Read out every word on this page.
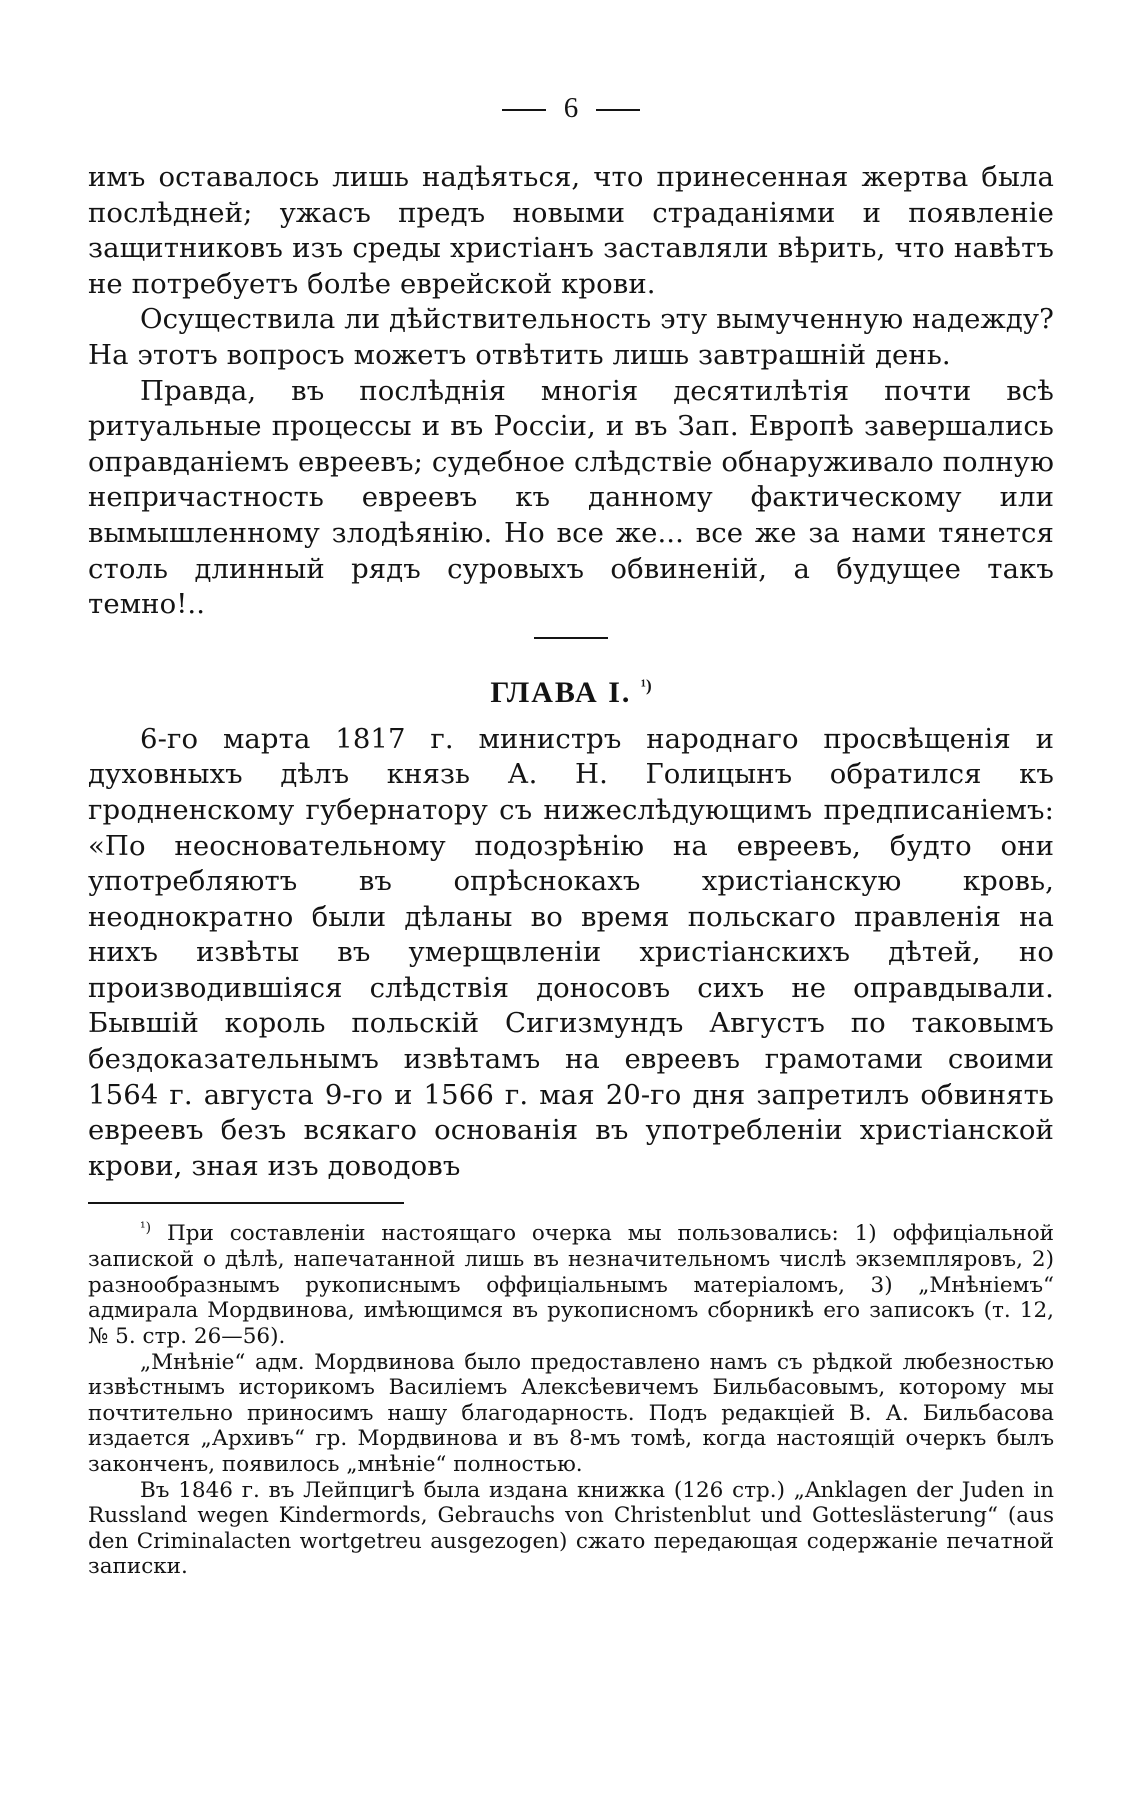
6

имъ оставалось лишь надѣяться, что принесенная жертва была послѣдней; ужасъ предъ новыми страданіями и появленіе защитниковъ изъ среды христіанъ заставляли вѣрить, что навѣтъ не потребуетъ болѣе еврейской крови.

Осуществила ли дѣйствительность эту вымученную надежду? На этотъ вопросъ можетъ отвѣтить лишь завтрашній день.

Правда, въ послѣднія многія десятилѣтія почти всѣ ритуальные процессы и въ Россіи, и въ Зап. Европѣ завершались оправданіемъ евреевъ; судебное слѣдствіе обнаруживало полную непричастность евреевъ къ данному фактическому или вымышленному злодѣянію. Но все же... все же за нами тянется столь длинный рядъ суровыхъ обвиненій, а будущее такъ темно!..

ГЛАВА I. $^{^1)}$

6-го марта 1817 г. министръ народнаго просвѣщенія и духовныхъ дѣлъ князь А. Н. Голицынъ обратился къ гродненскому губернатору съ нижеслѣдующимъ предписаніемъ: «По неосновательному подозрѣнію на евреевъ, будто они употребляютъ въ опрѣснокахъ христіанскую кровь, неоднократно были дѣланы во время польскаго правленія на нихъ извѣты въ умерщвленіи христіанскихъ дѣтей, но производившіяся слѣдствія доносовъ сихъ не оправдывали. Бывшій король польскій Сигизмундъ Августъ по таковымъ бездоказательнымъ извѣтамъ на евреевъ грамотами своими 1564 г. августа 9-го и 1566 г. мая 20-го дня запретилъ обвинять евреевъ безъ всякаго основанія въ употребленіи христіанской крови, зная изъ доводовъ

$^{^1)}$ При составленіи настоящаго очерка мы пользовались: 1) оффиціальной запиской о дѣлѣ, напечатанной лишь въ незначительномъ числѣ экземпляровъ, 2) разнообразнымъ рукописнымъ оффиціальнымъ матеріаломъ, 3) „Мнѣніемъ“ адмирала Мордвинова, имѣющимся въ рукописномъ сборникѣ его записокъ (т. 12, № 5. стр. 26—56).

„Мнѣніе“ адм. Мордвинова было предоставлено намъ съ рѣдкой любезностью извѣстнымъ историкомъ Василіемъ Алексѣевичемъ Бильбасовымъ, которому мы почтительно приносимъ нашу благодарность. Подъ редакціей В. А. Бильбасова издается „Архивъ“ гр. Мордвинова и въ 8-мъ томѣ, когда настоящій очеркъ былъ законченъ, появилось „мнѣніе“ полностью.

Въ 1846 г. въ Лейпцигѣ была издана книжка (126 стр.) „Anklagen der Juden in Russland wegen Kindermords, Gebrauchs von Christenblut und Gotteslästerung“ (aus den Criminalacten wortgetreu ausgezogen) сжато передающая содержаніе печатной записки.
